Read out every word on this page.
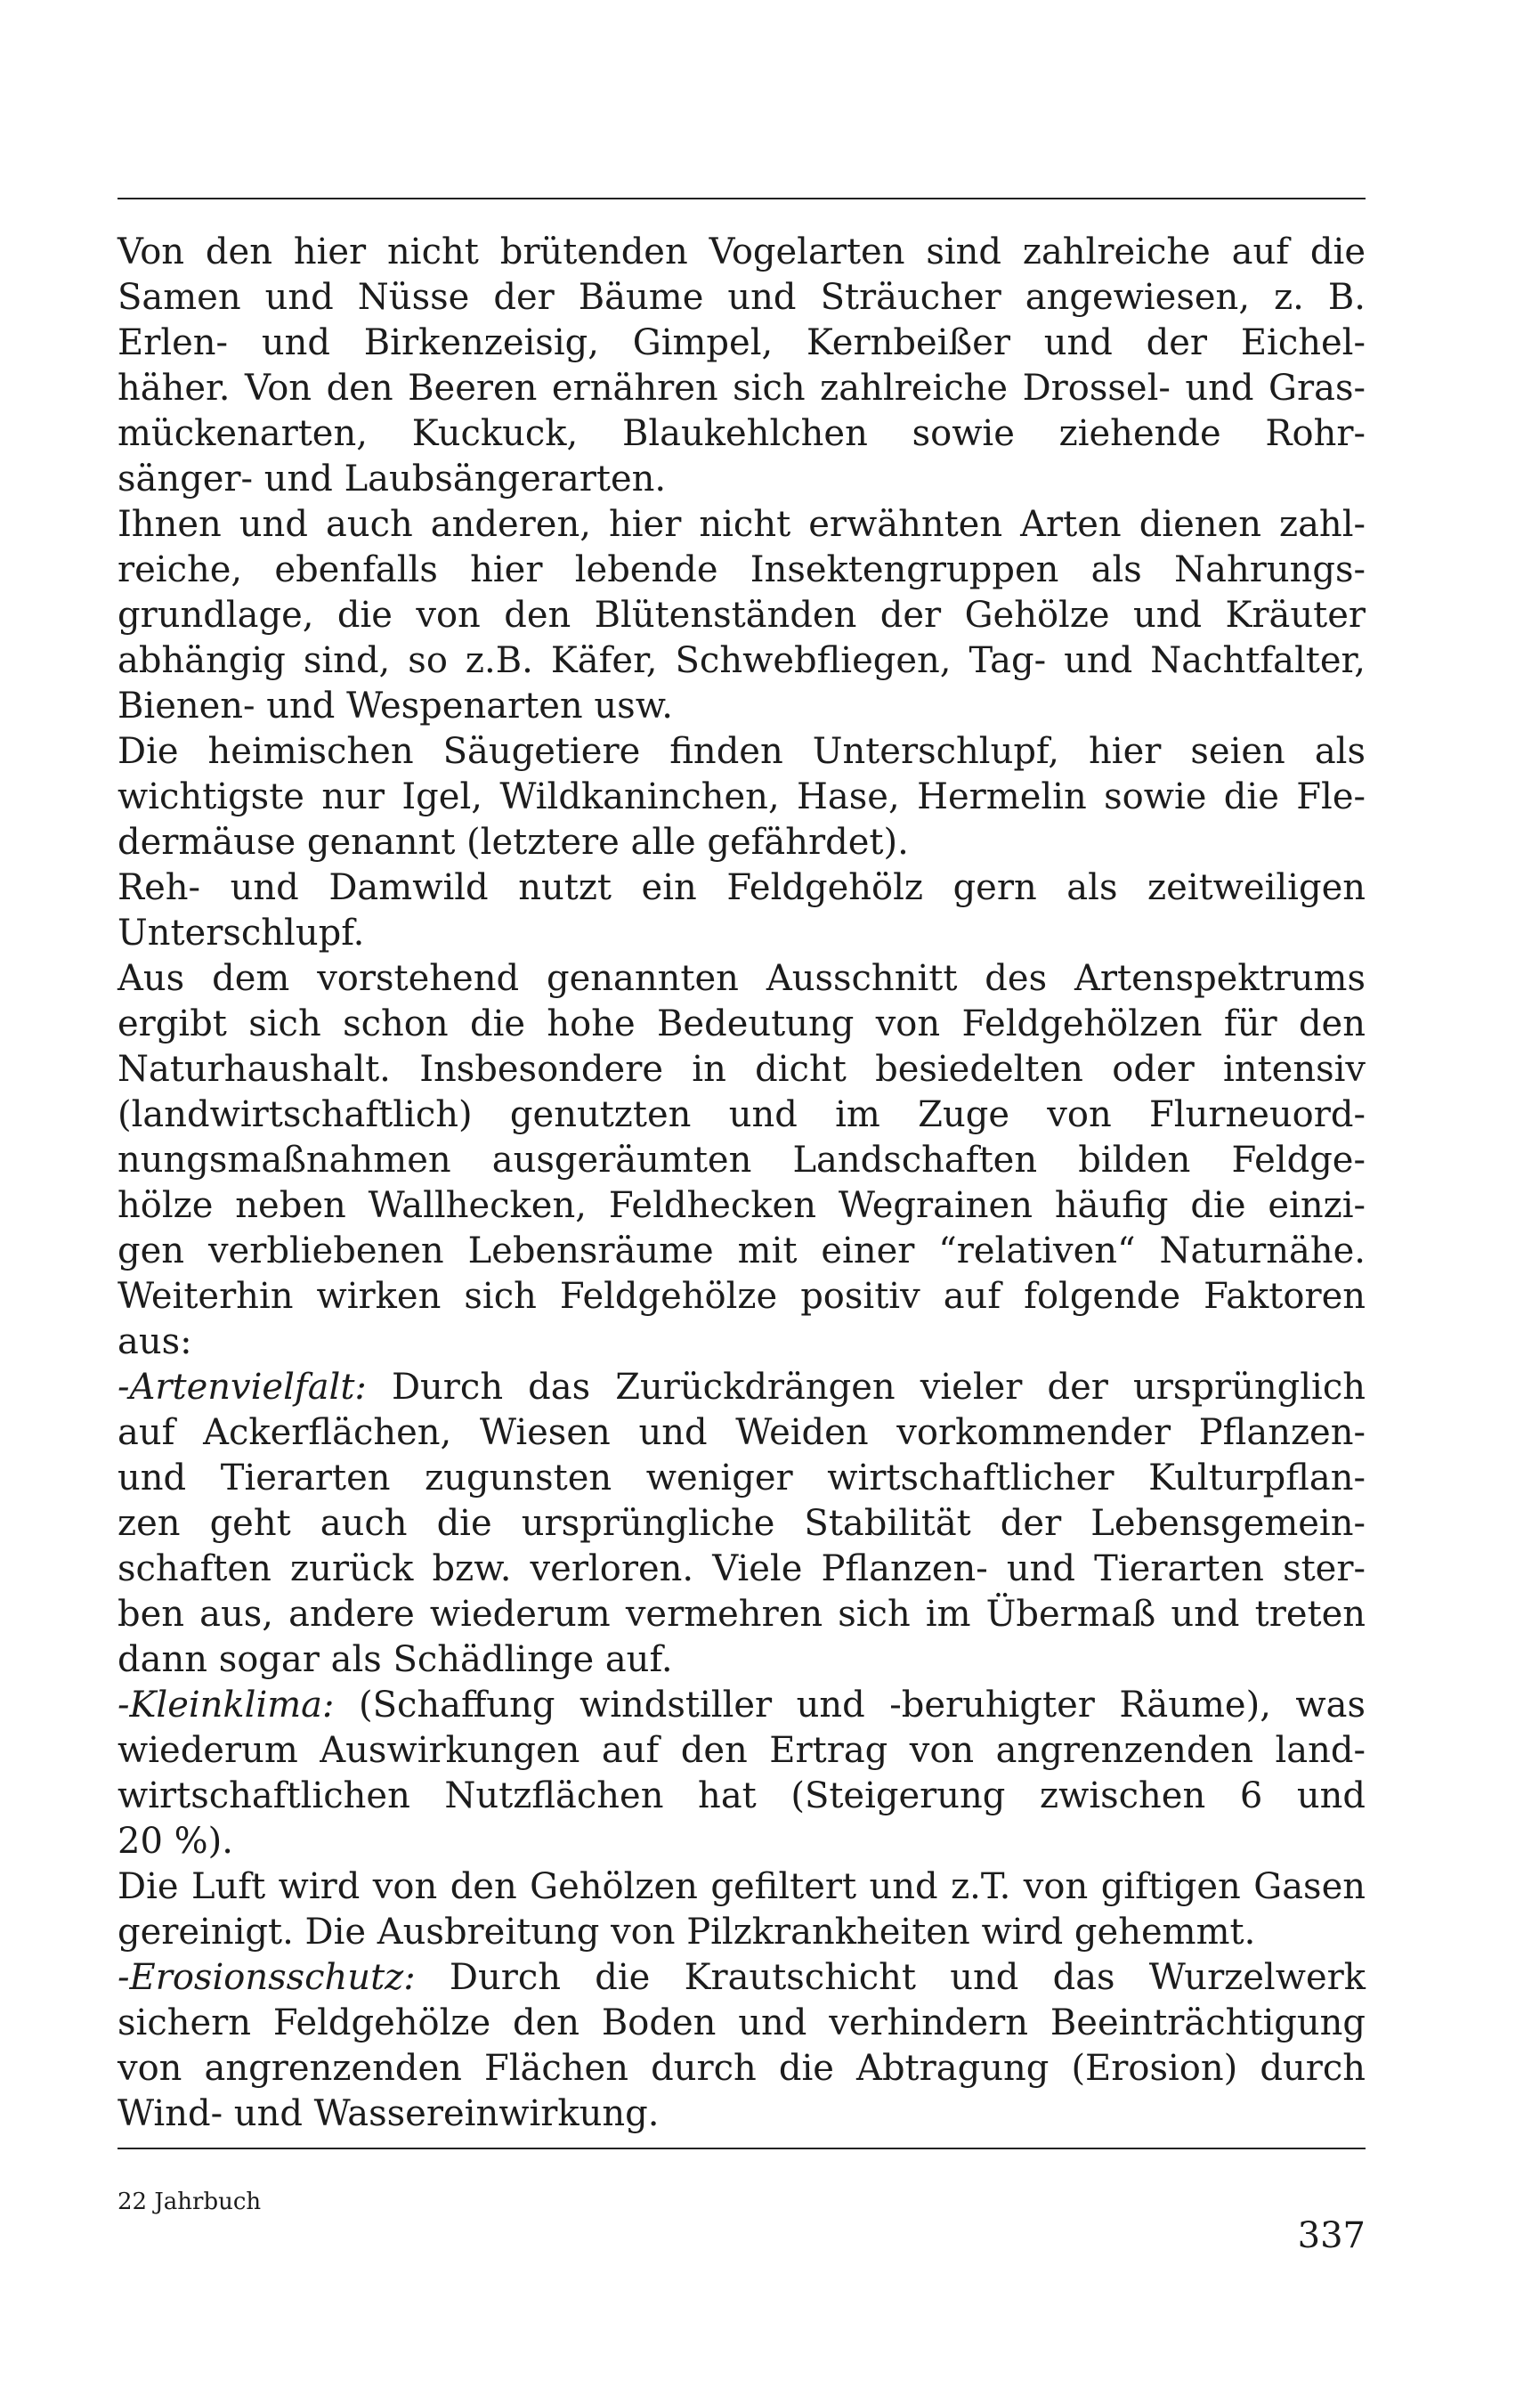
Von den hier nicht brütenden Vogelarten sind zahlreiche auf die
Samen und Nüsse der Bäume und Sträucher angewiesen, z. B.
Erlen- und Birkenzeisig, Gimpel, Kernbeißer und der Eichel-
häher. Von den Beeren ernähren sich zahlreiche Drossel- und Gras-
mückenarten, Kuckuck, Blaukehlchen sowie ziehende Rohr-
sänger- und Laubsängerarten.
Ihnen und auch anderen, hier nicht erwähnten Arten dienen zahl-
reiche, ebenfalls hier lebende Insektengruppen als Nahrungs-
grundlage, die von den Blütenständen der Gehölze und Kräuter
abhängig sind, so z.B. Käfer, Schwebfliegen, Tag- und Nachtfalter,
Bienen- und Wespenarten usw.
Die heimischen Säugetiere finden Unterschlupf, hier seien als
wichtigste nur Igel, Wildkaninchen, Hase, Hermelin sowie die Fle-
dermäuse genannt (letztere alle gefährdet).
Reh- und Damwild nutzt ein Feldgehölz gern als zeitweiligen
Unterschlupf.
Aus dem vorstehend genannten Ausschnitt des Artenspektrums
ergibt sich schon die hohe Bedeutung von Feldgehölzen für den
Naturhaushalt. Insbesondere in dicht besiedelten oder intensiv
(landwirtschaftlich) genutzten und im Zuge von Flurneuord-
nungsmaßnahmen ausgeräumten Landschaften bilden Feldge-
hölze neben Wallhecken, Feldhecken Wegrainen häufig die einzi-
gen verbliebenen Lebensräume mit einer “relativen“ Naturnähe.
Weiterhin wirken sich Feldgehölze positiv auf folgende Faktoren
aus:
-Artenvielfalt: Durch das Zurückdrängen vieler der ursprünglich
auf Ackerflächen, Wiesen und Weiden vorkommender Pflanzen-
und Tierarten zugunsten weniger wirtschaftlicher Kulturpflan-
zen geht auch die ursprüngliche Stabilität der Lebensgemein-
schaften zurück bzw. verloren. Viele Pflanzen- und Tierarten ster-
ben aus, andere wiederum vermehren sich im Übermaß und treten
dann sogar als Schädlinge auf.
-Kleinklima: (Schaffung windstiller und -beruhigter Räume), was
wiederum Auswirkungen auf den Ertrag von angrenzenden land-
wirtschaftlichen Nutzflächen hat (Steigerung zwischen 6 und
20 %).
Die Luft wird von den Gehölzen gefiltert und z.T. von giftigen Gasen
gereinigt. Die Ausbreitung von Pilzkrankheiten wird gehemmt.
-Erosionsschutz: Durch die Krautschicht und das Wurzelwerk
sichern Feldgehölze den Boden und verhindern Beeinträchtigung
von angrenzenden Flächen durch die Abtragung (Erosion) durch
Wind- und Wassereinwirkung.
22 Jahrbuch
337
